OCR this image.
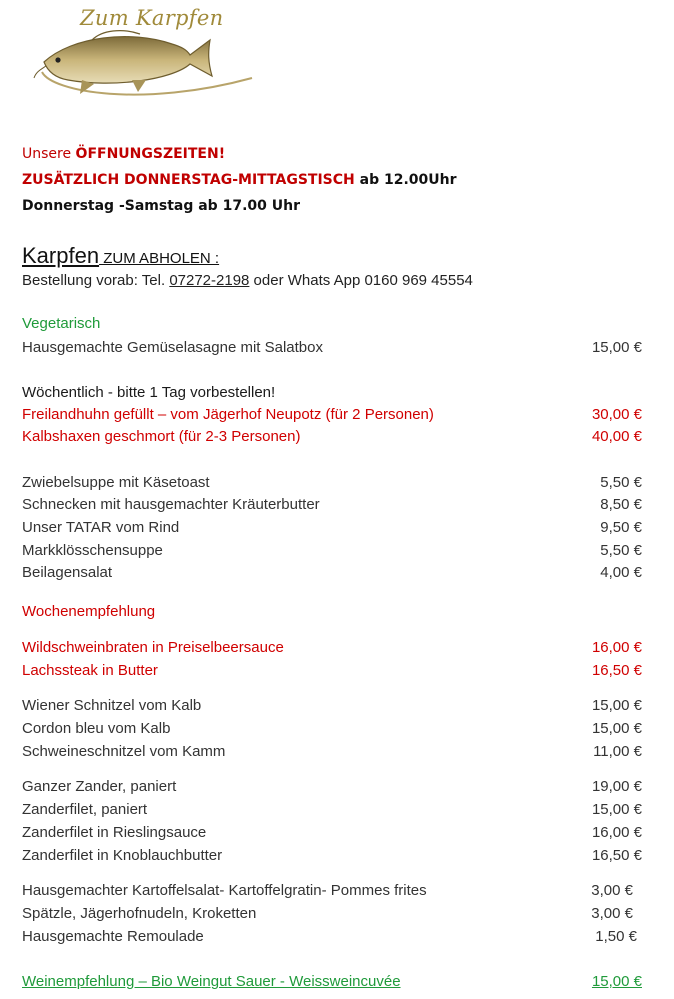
Zum Karpfen
Unsere ÖFFNUNGSZEITEN!
ZUSÄTZLICH DONNERSTAG-MITTAGSTISCH ab 12.00Uhr
Donnerstag -Samstag ab 17.00 Uhr
Karpfen ZUM ABHOLEN :
Bestellung vorab: Tel. 07272-2198 oder Whats App 0160 969 45554
Vegetarisch
Hausgemachte Gemüselasagne mit Salatbox	15,00 €
Wöchentlich - bitte 1 Tag vorbestellen!
Freilandhuhn gefüllt – vom Jägerhof Neupotz (für 2 Personen)	30,00 €
Kalbshaxen geschmort (für 2-3 Personen)	40,00 €
Zwiebelsuppe mit Käsetoast	5,50 €
Schnecken mit hausgemachter Kräuterbutter	8,50 €
Unser TATAR vom Rind	9,50 €
Markklösschensuppe	5,50 €
Beilagensalat	4,00 €
Wochenempfehlung
Wildschweinbraten in Preiselbeersauce	16,00 €
Lachssteak in Butter	16,50 €
Wiener Schnitzel vom Kalb	15,00 €
Cordon bleu vom Kalb	15,00 €
Schweineschnitzel vom Kamm	11,00 €
Ganzer Zander, paniert	19,00 €
Zanderfilet, paniert	15,00 €
Zanderfilet in Rieslingsauce	16,00 €
Zanderfilet in Knoblauchbutter	16,50 €
Hausgemachter Kartoffelsalat- Kartoffelgratin- Pommes frites	3,00 €
Spätzle, Jägerhofnudeln, Kroketten	3,00 €
Hausgemachte Remoulade	1,50 €
Weinempfehlung – Bio Weingut Sauer - Weissweincuvée	15,00 €
